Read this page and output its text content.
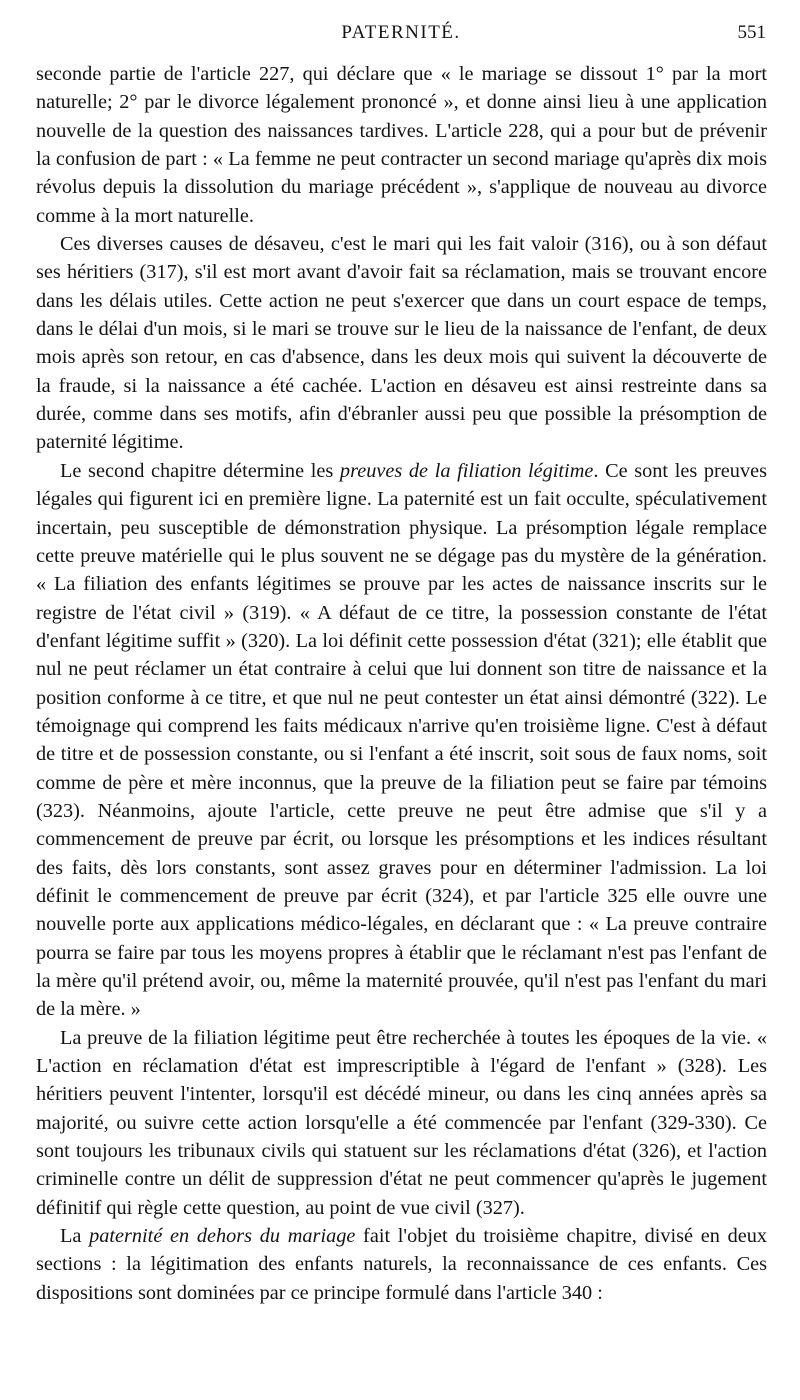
PATERNITÉ.	551

seconde partie de l'article 227, qui déclare que « le mariage se dissout 1° par la mort naturelle; 2° par le divorce légalement prononcé », et donne ainsi lieu à une application nouvelle de la question des naissances tardives. L'article 228, qui a pour but de prévenir la confusion de part : « La femme ne peut contracter un second mariage qu'après dix mois révolus depuis la dissolution du mariage précédent », s'applique de nouveau au divorce comme à la mort naturelle.

Ces diverses causes de désaveu, c'est le mari qui les fait valoir (316), ou à son défaut ses héritiers (317), s'il est mort avant d'avoir fait sa réclamation, mais se trouvant encore dans les délais utiles. Cette action ne peut s'exercer que dans un court espace de temps, dans le délai d'un mois, si le mari se trouve sur le lieu de la naissance de l'enfant, de deux mois après son retour, en cas d'absence, dans les deux mois qui suivent la découverte de la fraude, si la naissance a été cachée. L'action en désaveu est ainsi restreinte dans sa durée, comme dans ses motifs, afin d'ébranler aussi peu que possible la présomption de paternité légitime.

Le second chapitre détermine les preuves de la filiation légitime. Ce sont les preuves légales qui figurent ici en première ligne. La paternité est un fait occulte, spéculativement incertain, peu susceptible de démonstration physique. La présomption légale remplace cette preuve matérielle qui le plus souvent ne se dégage pas du mystère de la génération. « La filiation des enfants légitimes se prouve par les actes de naissance inscrits sur le registre de l'état civil » (319). « A défaut de ce titre, la possession constante de l'état d'enfant légitime suffit » (320). La loi définit cette possession d'état (321); elle établit que nul ne peut réclamer un état contraire à celui que lui donnent son titre de naissance et la position conforme à ce titre, et que nul ne peut contester un état ainsi démontré (322). Le témoignage qui comprend les faits médicaux n'arrive qu'en troisième ligne. C'est à défaut de titre et de possession constante, ou si l'enfant a été inscrit, soit sous de faux noms, soit comme de père et mère inconnus, que la preuve de la filiation peut se faire par témoins (323). Néanmoins, ajoute l'article, cette preuve ne peut être admise que s'il y a commencement de preuve par écrit, ou lorsque les présomptions et les indices résultant des faits, dès lors constants, sont assez graves pour en déterminer l'admission. La loi définit le commencement de preuve par écrit (324), et par l'article 325 elle ouvre une nouvelle porte aux applications médico-légales, en déclarant que : « La preuve contraire pourra se faire par tous les moyens propres à établir que le réclamant n'est pas l'enfant de la mère qu'il prétend avoir, ou, même la maternité prouvée, qu'il n'est pas l'enfant du mari de la mère. »

La preuve de la filiation légitime peut être recherchée à toutes les époques de la vie. « L'action en réclamation d'état est imprescriptible à l'égard de l'enfant » (328). Les héritiers peuvent l'intenter, lorsqu'il est décédé mineur, ou dans les cinq années après sa majorité, ou suivre cette action lorsqu'elle a été commencée par l'enfant (329-330). Ce sont toujours les tribunaux civils qui statuent sur les réclamations d'état (326), et l'action criminelle contre un délit de suppression d'état ne peut commencer qu'après le jugement définitif qui règle cette question, au point de vue civil (327).

La paternité en dehors du mariage fait l'objet du troisième chapitre, divisé en deux sections : la légitimation des enfants naturels, la reconnaissance de ces enfants. Ces dispositions sont dominées par ce principe formulé dans l'article 340 :
